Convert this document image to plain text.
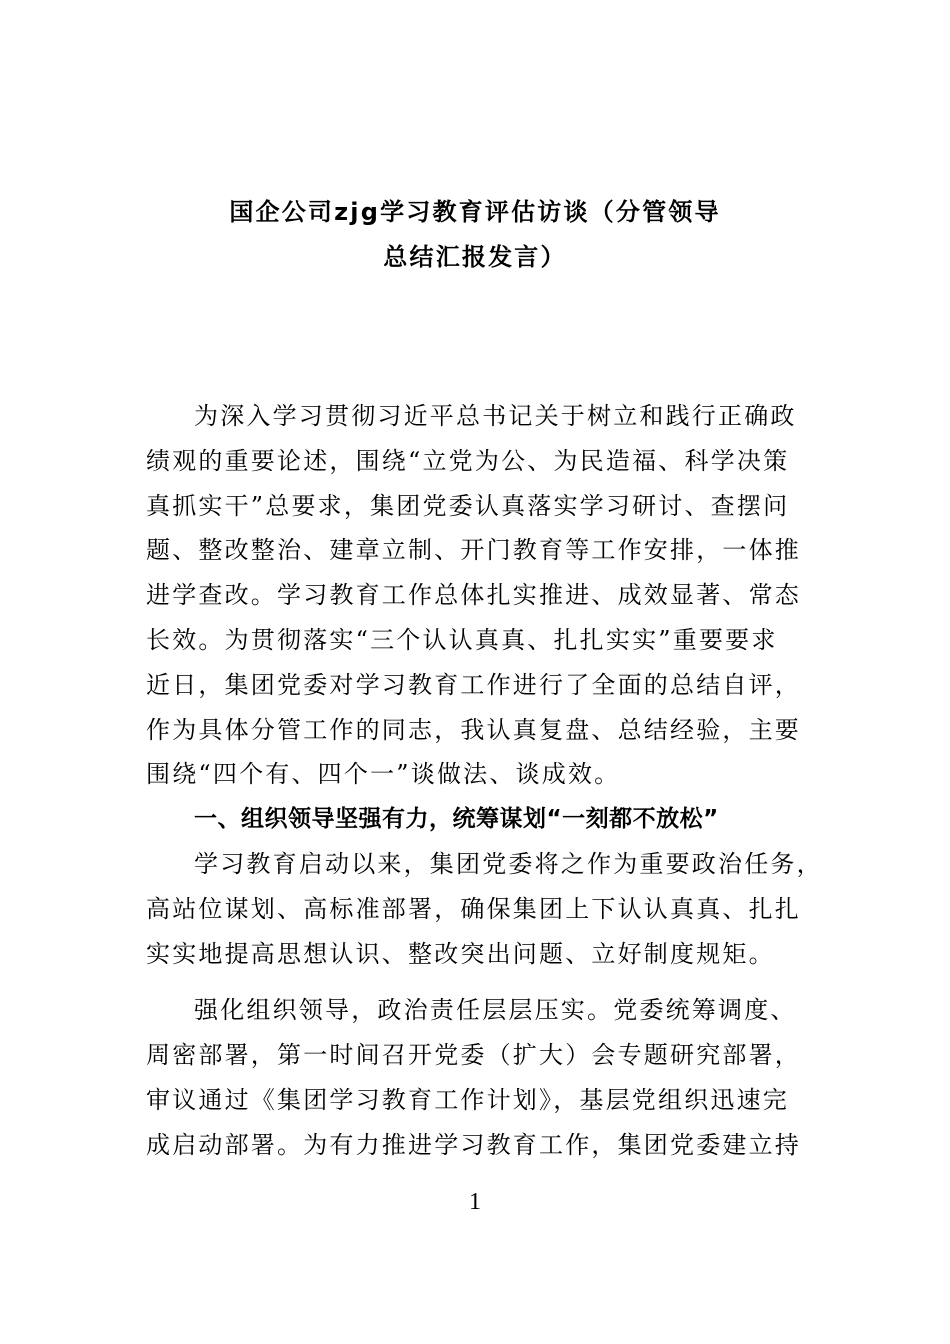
国企公司zjg学习教育评估访谈（分管领导
总结汇报发言）
为深入学习贯彻习近平总书记关于树立和践行正确政
绩观的重要论述，围绕“立党为公、为民造福、科学决策
真抓实干”总要求，集团党委认真落实学习研讨、查摆问
题、整改整治、建章立制、开门教育等工作安排，一体推
进学查改。学习教育工作总体扎实推进、成效显著、常态
长效。为贯彻落实“三个认认真真、扎扎实实”重要要求
近日，集团党委对学习教育工作进行了全面的总结自评，
作为具体分管工作的同志，我认真复盘、总结经验，主要
围绕“四个有、四个一”谈做法、谈成效。
一、组织领导坚强有力，统筹谋划“一刻都不放松”
学习教育启动以来，集团党委将之作为重要政治任务，
高站位谋划、高标准部署，确保集团上下认认真真、扎扎
实实地提高思想认识、整改突出问题、立好制度规矩。
强化组织领导，政治责任层层压实。党委统筹调度、
周密部署，第一时间召开党委（扩大）会专题研究部署，
审议通过《集团学习教育工作计划》，基层党组织迅速完
成启动部署。为有力推进学习教育工作，集团党委建立持
1
